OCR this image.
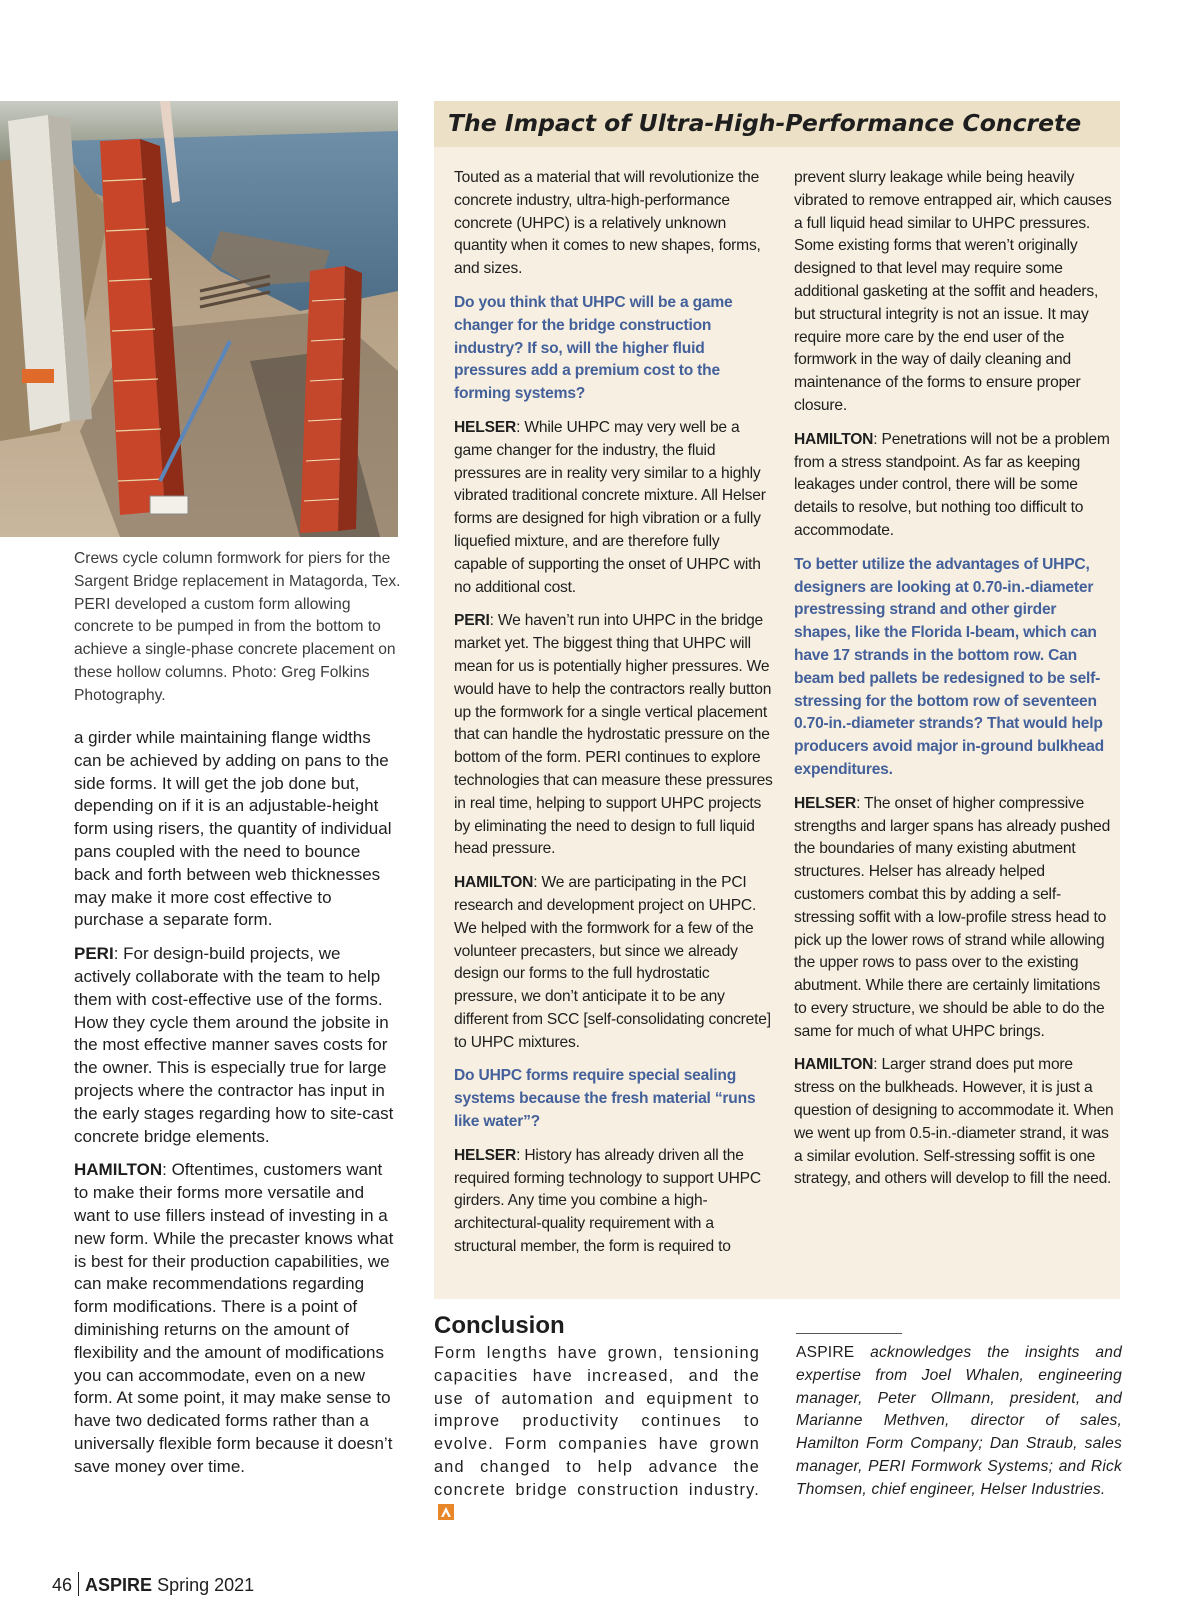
Crews cycle column formwork for piers for the Sargent Bridge replacement in Matagorda, Tex. PERI developed a custom form allowing concrete to be pumped in from the bottom to achieve a single-phase concrete placement on these hollow columns. Photo: Greg Folkins Photography.

a girder while maintaining flange widths can be achieved by adding on pans to the side forms. It will get the job done but, depending on if it is an adjustable-height form using risers, the quantity of individual pans coupled with the need to bounce back and forth between web thicknesses may make it more cost effective to purchase a separate form.

PERI: For design-build projects, we actively collaborate with the team to help them with cost-effective use of the forms. How they cycle them around the jobsite in the most effective manner saves costs for the owner. This is especially true for large projects where the contractor has input in the early stages regarding how to site-cast concrete bridge elements.

HAMILTON: Oftentimes, customers want to make their forms more versatile and want to use fillers instead of investing in a new form. While the precaster knows what is best for their production capabilities, we can make recommendations regarding form modifications. There is a point of diminishing returns on the amount of flexibility and the amount of modifications you can accommodate, even on a new form. At some point, it may make sense to have two dedicated forms rather than a universally flexible form because it doesn’t save money over time.

The Impact of Ultra-High-Performance Concrete

Touted as a material that will revolutionize the concrete industry, ultra-high-performance concrete (UHPC) is a relatively unknown quantity when it comes to new shapes, forms, and sizes.

Do you think that UHPC will be a game changer for the bridge construction industry? If so, will the higher fluid pressures add a premium cost to the forming systems?

HELSER: While UHPC may very well be a game changer for the industry, the fluid pressures are in reality very similar to a highly vibrated traditional concrete mixture. All Helser forms are designed for high vibration or a fully liquefied mixture, and are therefore fully capable of supporting the onset of UHPC with no additional cost.

PERI: We haven’t run into UHPC in the bridge market yet. The biggest thing that UHPC will mean for us is potentially higher pressures. We would have to help the contractors really button up the formwork for a single vertical placement that can handle the hydrostatic pressure on the bottom of the form. PERI continues to explore technologies that can measure these pressures in real time, helping to support UHPC projects by eliminating the need to design to full liquid head pressure.

HAMILTON: We are participating in the PCI research and development project on UHPC. We helped with the formwork for a few of the volunteer precasters, but since we already design our forms to the full hydrostatic pressure, we don’t anticipate it to be any different from SCC [self-consolidating concrete] to UHPC mixtures.

Do UHPC forms require special sealing systems because the fresh material “runs like water”?

HELSER: History has already driven all the required forming technology to support UHPC girders. Any time you combine a high-architectural-quality requirement with a structural member, the form is required to

prevent slurry leakage while being heavily vibrated to remove entrapped air, which causes a full liquid head similar to UHPC pressures. Some existing forms that weren’t originally designed to that level may require some additional gasketing at the soffit and headers, but structural integrity is not an issue. It may require more care by the end user of the formwork in the way of daily cleaning and maintenance of the forms to ensure proper closure.

HAMILTON: Penetrations will not be a problem from a stress standpoint. As far as keeping leakages under control, there will be some details to resolve, but nothing too difficult to accommodate.

To better utilize the advantages of UHPC, designers are looking at 0.70-in.-diameter prestressing strand and other girder shapes, like the Florida I-beam, which can have 17 strands in the bottom row. Can beam bed pallets be redesigned to be self-stressing for the bottom row of seventeen 0.70-in.-diameter strands? That would help producers avoid major in-ground bulkhead expenditures.

HELSER: The onset of higher compressive strengths and larger spans has already pushed the boundaries of many existing abutment structures. Helser has already helped customers combat this by adding a self-stressing soffit with a low-profile stress head to pick up the lower rows of strand while allowing the upper rows to pass over to the existing abutment. While there are certainly limitations to every structure, we should be able to do the same for much of what UHPC brings.

HAMILTON: Larger strand does put more stress on the bulkheads. However, it is just a question of designing to accommodate it. When we went up from 0.5-in.-diameter strand, it was a similar evolution. Self-stressing soffit is one strategy, and others will develop to fill the need.

Conclusion

Form lengths have grown, tensioning capacities have increased, and the use of automation and equipment to improve productivity continues to evolve. Form companies have grown and changed to help advance the concrete bridge construction industry.

ASPIRE acknowledges the insights and expertise from Joel Whalen, engineering manager, Peter Ollmann, president, and Marianne Methven, director of sales, Hamilton Form Company; Dan Straub, sales manager, PERI Formwork Systems; and Rick Thomsen, chief engineer, Helser Industries.

46 ASPIRE Spring 2021
